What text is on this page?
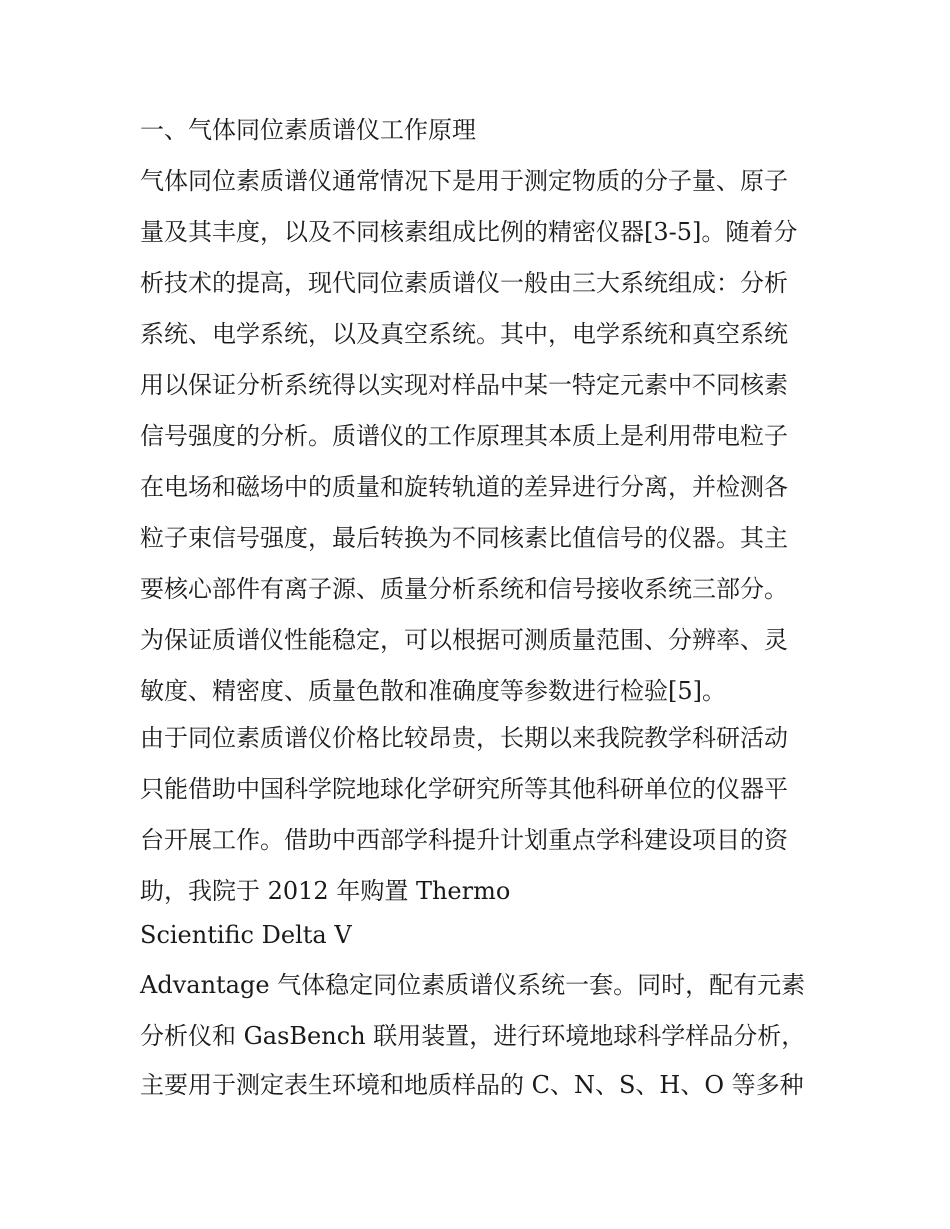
一、气体同位素质谱仪工作原理
气体同位素质谱仪通常情况下是用于测定物质的分子量、原子
量及其丰度，以及不同核素组成比例的精密仪器[3-5]。随着分
析技术的提高，现代同位素质谱仪一般由三大系统组成：分析
系统、电学系统，以及真空系统。其中，电学系统和真空系统
用以保证分析系统得以实现对样品中某一特定元素中不同核素
信号强度的分析。质谱仪的工作原理其本质上是利用带电粒子
在电场和磁场中的质量和旋转轨道的差异进行分离，并检测各
粒子束信号强度，最后转换为不同核素比值信号的仪器。其主
要核心部件有离子源、质量分析系统和信号接收系统三部分。
为保证质谱仪性能稳定，可以根据可测质量范围、分辨率、灵
敏度、精密度、质量色散和准确度等参数进行检验[5]。
由于同位素质谱仪价格比较昂贵，长期以来我院教学科研活动
只能借助中国科学院地球化学研究所等其他科研单位的仪器平
台开展工作。借助中西部学科提升计划重点学科建设项目的资
助，我院于 2012 年购置 Thermo
Scientific Delta V
Advantage 气体稳定同位素质谱仪系统一套。同时，配有元素
分析仪和 GasBench 联用装置，进行环境地球科学样品分析，
主要用于测定表生环境和地质样品的 C、N、S、H、O 等多种
